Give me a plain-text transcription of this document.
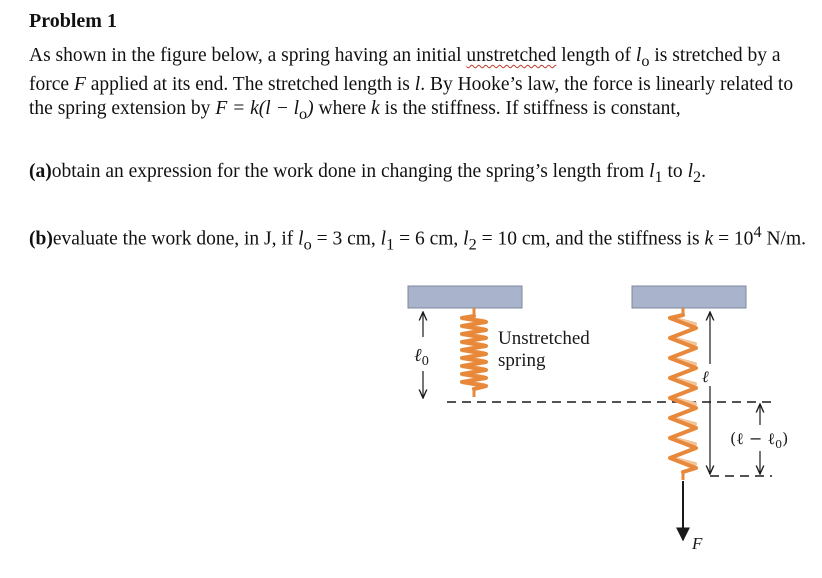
Problem 1

As shown in the figure below, a spring having an initial unstretched length of $l_o$ is stretched by a force F applied at its end. The stretched length is l. By Hooke’s law, the force is linearly related to the spring extension by $F = k(l - l_o)$ where k is the stiffness. If stiffness is constant,

(a)obtain an expression for the work done in changing the spring’s length from $l_1$ to $l_2$.

(b)evaluate the work done, in J, if $l_o = 3$ cm, $l_1 = 6$ cm, $l_2 = 10$ cm, and the stiffness is $k = 10^4$ N/m.

ℓ$_0$
Unstretched
spring
F
ℓ
(ℓ − ℓ$_0$)
